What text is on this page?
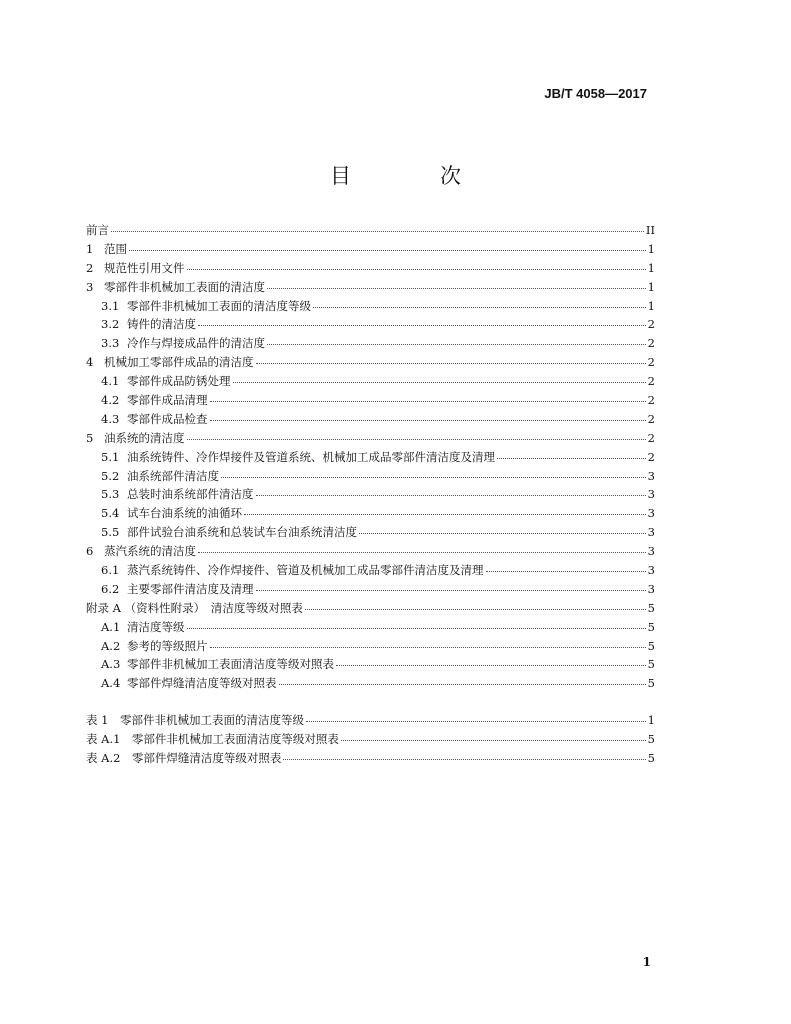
JB/T 4058—2017
目　次
前言	II
1 范围	1
2 规范性引用文件	1
3 零部件非机械加工表面的清洁度	1
3.1 零部件非机械加工表面的清洁度等级	1
3.2 铸件的清洁度	2
3.3 冷作与焊接成品件的清洁度	2
4 机械加工零部件成品的清洁度	2
4.1 零部件成品防锈处理	2
4.2 零部件成品清理	2
4.3 零部件成品检查	2
5 油系统的清洁度	2
5.1 油系统铸件、冷作焊接件及管道系统、机械加工成品零部件清洁度及清理	2
5.2 油系统部件清洁度	3
5.3 总装时油系统部件清洁度	3
5.4 试车台油系统的油循环	3
5.5 部件试验台油系统和总装试车台油系统清洁度	3
6 蒸汽系统的清洁度	3
6.1 蒸汽系统铸件、冷作焊接件、管道及机械加工成品零部件清洁度及清理	3
6.2 主要零部件清洁度及清理	3
附录 A （资料性附录）　清洁度等级对照表	5
A.1 清洁度等级	5
A.2 参考的等级照片	5
A.3 零部件非机械加工表面清洁度等级对照表	5
A.4 零部件焊缝清洁度等级对照表	5
表 1　零部件非机械加工表面的清洁度等级	1
表 A.1　零部件非机械加工表面清洁度等级对照表	5
表 A.2　零部件焊缝清洁度等级对照表	5
1
